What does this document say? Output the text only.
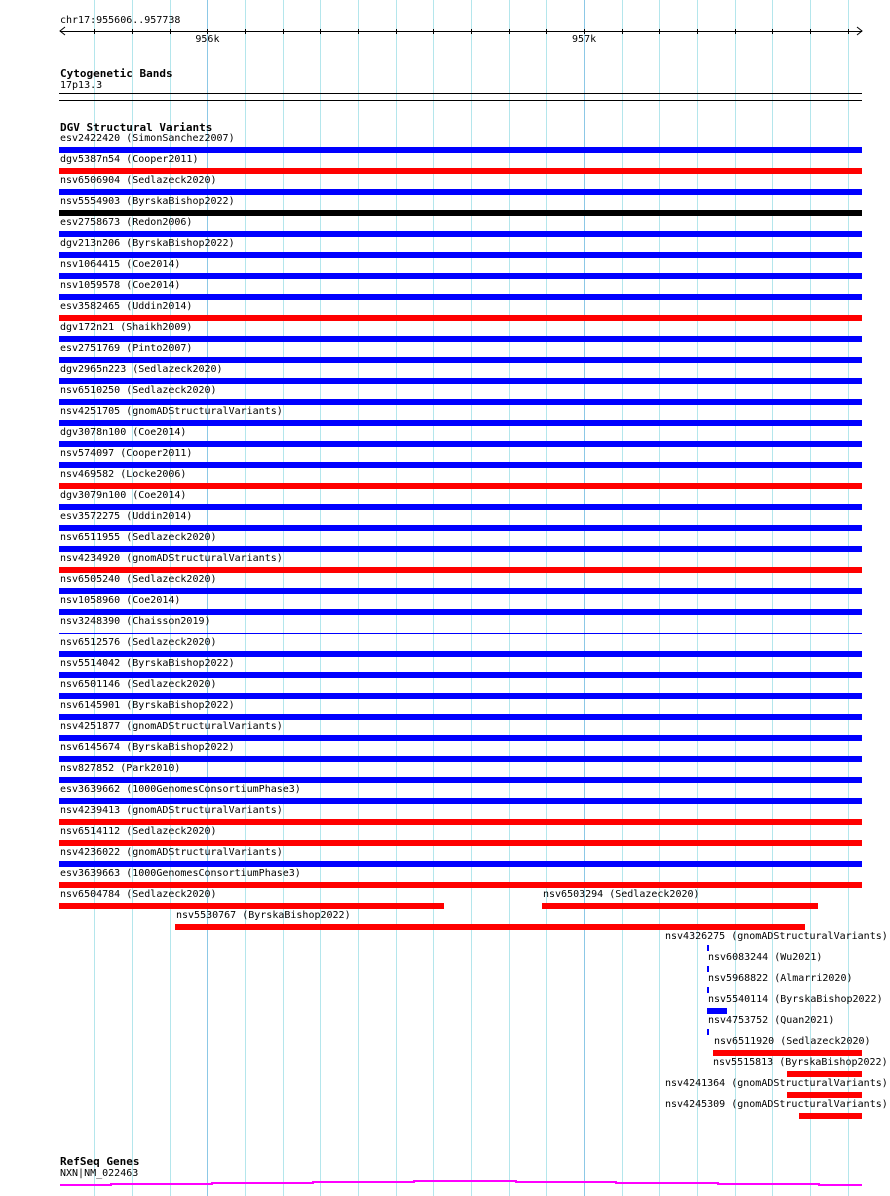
chr17:955606..957738
956k	957k
Cytogenetic Bands
17p13.3
DGV Structural Variants
esv2422420 (SimonSanchez2007)
dgv5387n54 (Cooper2011)
nsv6506904 (Sedlazeck2020)
nsv5554903 (ByrskaBishop2022)
esv2758673 (Redon2006)
dgv213n206 (ByrskaBishop2022)
nsv1064415 (Coe2014)
nsv1059578 (Coe2014)
esv3582465 (Uddin2014)
dgv172n21 (Shaikh2009)
esv2751769 (Pinto2007)
dgv2965n223 (Sedlazeck2020)
nsv6510250 (Sedlazeck2020)
nsv4251705 (gnomADStructuralVariants)
dgv3078n100 (Coe2014)
nsv574097 (Cooper2011)
nsv469582 (Locke2006)
dgv3079n100 (Coe2014)
esv3572275 (Uddin2014)
nsv6511955 (Sedlazeck2020)
nsv4234920 (gnomADStructuralVariants)
nsv6505240 (Sedlazeck2020)
nsv1058960 (Coe2014)
nsv3248390 (Chaisson2019)
nsv6512576 (Sedlazeck2020)
nsv5514042 (ByrskaBishop2022)
nsv6501146 (Sedlazeck2020)
nsv6145901 (ByrskaBishop2022)
nsv4251877 (gnomADStructuralVariants)
nsv6145674 (ByrskaBishop2022)
nsv827852 (Park2010)
esv3639662 (1000GenomesConsortiumPhase3)
nsv4239413 (gnomADStructuralVariants)
nsv6514112 (Sedlazeck2020)
nsv4236022 (gnomADStructuralVariants)
esv3639663 (1000GenomesConsortiumPhase3)
nsv6504784 (Sedlazeck2020)	nsv6503294 (Sedlazeck2020)
nsv5530767 (ByrskaBishop2022)
nsv4326275 (gnomADStructuralVariants)
nsv6083244 (Wu2021)
nsv5968822 (Almarri2020)
nsv5540114 (ByrskaBishop2022)
nsv4753752 (Quan2021)
nsv6511920 (Sedlazeck2020)
nsv5515813 (ByrskaBishop2022)
nsv4241364 (gnomADStructuralVariants)
nsv4245309 (gnomADStructuralVariants)
RefSeq Genes
NXN|NM_022463
